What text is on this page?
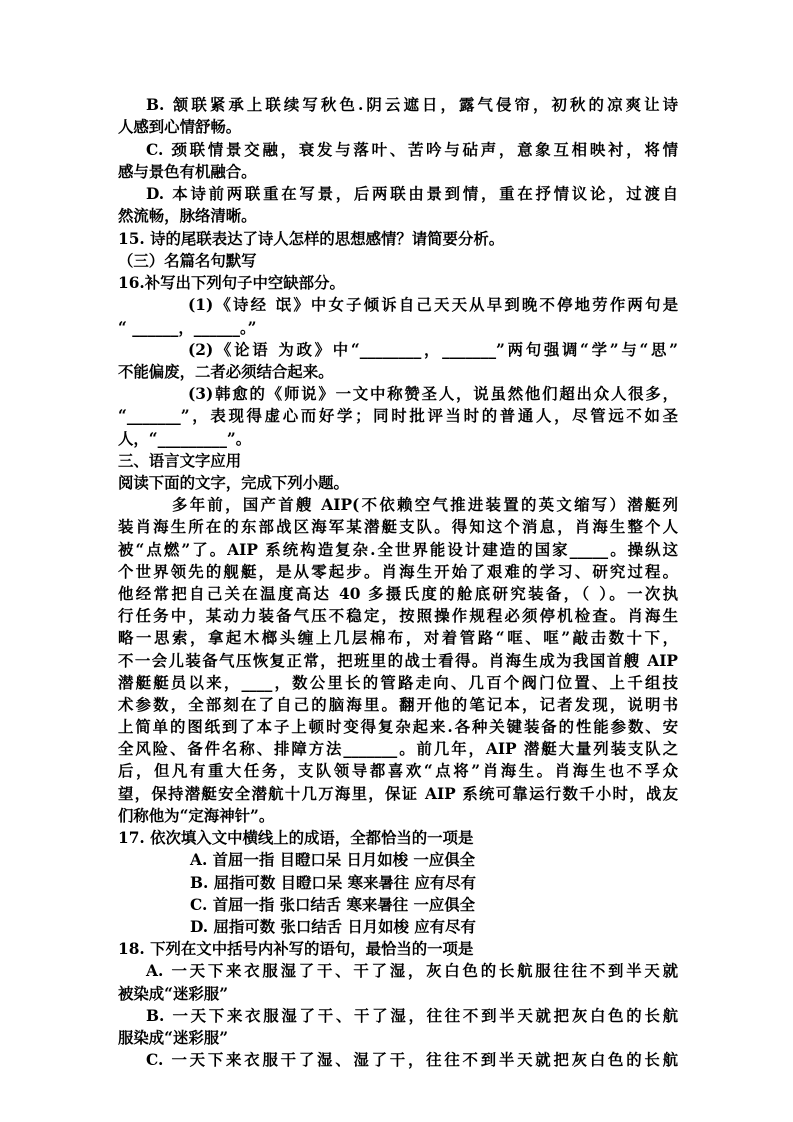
B. 颔联紧承上联续写秋色.阴云遮日，露气侵帘，初秋的凉爽让诗
人感到心情舒畅。
C. 颈联情景交融，衰发与落叶、苦吟与砧声，意象互相映衬，将情
感与景色有机融合。
D. 本诗前两联重在写景，后两联由景到情，重在抒情议论，过渡自
然流畅，脉络清晰。
15. 诗的尾联表达了诗人怎样的思想感情？请简要分析。
（三）名篇名句默写
16.补写出下列句子中空缺部分。
(1)《诗经 氓》中女子倾诉自己天天从早到晚不停地劳作两句是
“ ______，______。”
(2)《论语 为政》中“________，_______”两句强调“学”与“思”
不能偏废，二者必须结合起来。
(3)韩愈的《师说》一文中称赞圣人，说虽然他们超出众人很多，
“_______”，表现得虚心而好学；同时批评当时的普通人，尽管远不如圣
人，“_________”。
三、语言文字应用
阅读下面的文字，完成下列小题。
多年前，国产首艘 AIP(不依赖空气推进装置的英文缩写）潜艇列
装肖海生所在的东部战区海军某潜艇支队。得知这个消息，肖海生整个人
被“点燃”了。AIP 系统构造复杂.全世界能设计建造的国家_____。操纵这
个世界领先的舰艇，是从零起步。肖海生开始了艰难的学习、研究过程。
他经常把自己关在温度高达 40 多摄氏度的舱底研究装备，（ ）。一次执
行任务中，某动力装备气压不稳定，按照操作规程必须停机检查。肖海生
略一思索，拿起木榔头缠上几层棉布，对着管路“哐、哐”敲击数十下，
不一会儿装备气压恢复正常，把班里的战士看得。肖海生成为我国首艘 AIP
潜艇艇员以来，____，数公里长的管路走向、几百个阀门位置、上千组技
术参数，全部刻在了自己的脑海里。翻开他的笔记本，记者发现，说明书
上简单的图纸到了本子上顿时变得复杂起来.各种关键装备的性能参数、安
全风险、备件名称、排障方法_______。前几年，AIP 潜艇大量列装支队之
后，但凡有重大任务，支队领导都喜欢“点将”肖海生。肖海生也不孚众
望，保持潜艇安全潜航十几万海里，保证 AIP 系统可靠运行数千小时，战友
们称他为“定海神针”。
17. 依次填入文中横线上的成语，全都恰当的一项是
A. 首屈一指 目瞪口呆 日月如梭 一应俱全
B. 屈指可数 目瞪口呆 寒来暑往 应有尽有
C. 首屈一指 张口结舌 寒来暑往 一应俱全
D. 屈指可数 张口结舌 日月如梭 应有尽有
18. 下列在文中括号内补写的语句，最恰当的一项是
A. 一天下来衣服湿了干、干了湿，灰白色的长航服往往不到半天就
被染成“迷彩服”
B. 一天下来衣服湿了干、干了湿，往往不到半天就把灰白色的长航
服染成“迷彩服”
C. 一天下来衣服干了湿、湿了干，往往不到半天就把灰白色的长航
